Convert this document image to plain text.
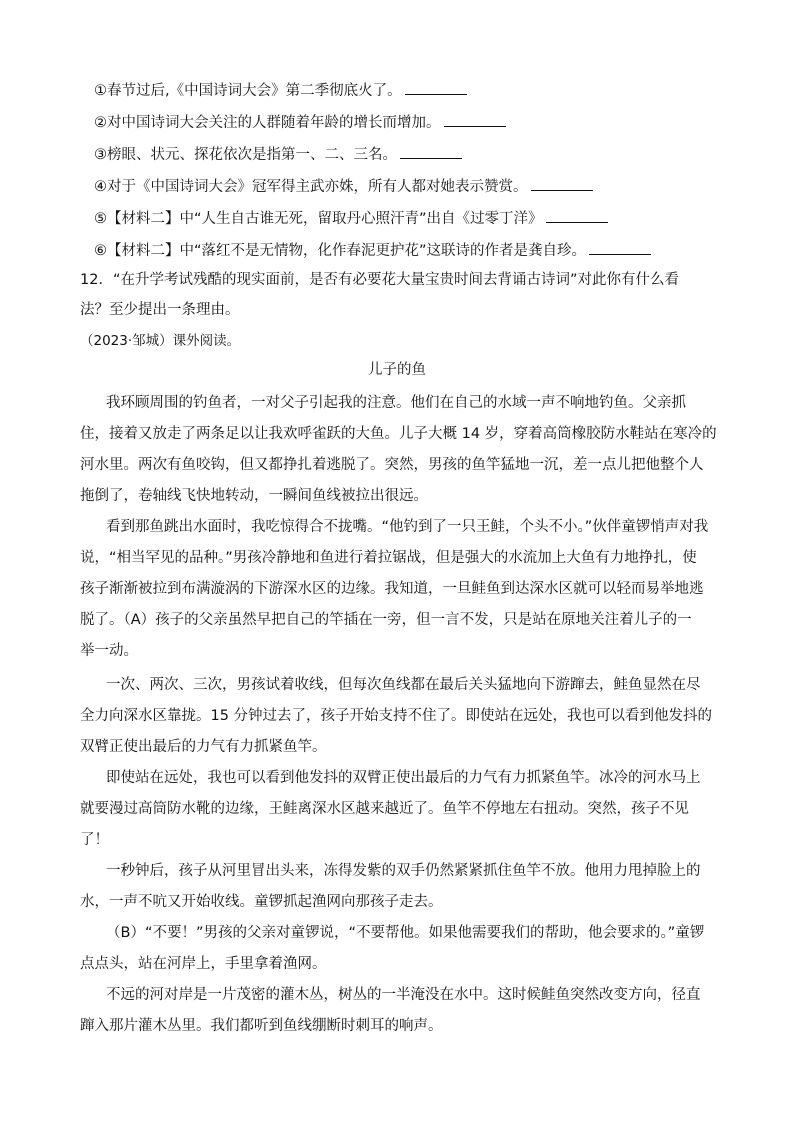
①春节过后,《中国诗词大会》第二季彻底火了。
②对中国诗词大会关注的人群随着年龄的增长而增加。
③榜眼、状元、探花依次是指第一、二、三名。
④对于《中国诗词大会》冠军得主武亦姝，所有人都对她表示赞赏。
⑤【材料二】中“人生自古谁无死，留取丹心照汗青”出自《过零丁洋》
⑥【材料二】中“落红不是无情物，化作春泥更护花”这联诗的作者是龚自珍。
12．“在升学考试残酷的现实面前，是否有必要花大量宝贵时间去背诵古诗词”对此你有什么看
法？至少提出一条理由。
（2023·邹城）课外阅读。
儿子的鱼
我环顾周围的钓鱼者，一对父子引起我的注意。他们在自己的水域一声不响地钓鱼。父亲抓
住，接着又放走了两条足以让我欢呼雀跃的大鱼。儿子大概 14 岁，穿着高筒橡胶防水鞋站在寒冷的
河水里。两次有鱼咬钩，但又都挣扎着逃脱了。突然，男孩的鱼竿猛地一沉，差一点儿把他整个人
拖倒了，卷轴线飞快地转动，一瞬间鱼线被拉出很远。
看到那鱼跳出水面时，我吃惊得合不拢嘴。“他钓到了一只王鲑，个头不小。”伙伴童锣悄声对我
说，“相当罕见的品种。”男孩冷静地和鱼进行着拉锯战，但是强大的水流加上大鱼有力地挣扎，使
孩子渐渐被拉到布满漩涡的下游深水区的边缘。我知道，一旦鲑鱼到达深水区就可以轻而易举地逃
脱了。（A）孩子的父亲虽然早把自己的竿插在一旁，但一言不发，只是站在原地关注着儿子的一
举一动。
一次、两次、三次，男孩试着收线，但每次鱼线都在最后关头猛地向下游蹿去，鲑鱼显然在尽
全力向深水区靠拢。15 分钟过去了，孩子开始支持不住了。即使站在远处，我也可以看到他发抖的
双臂正使出最后的力气有力抓紧鱼竿。
即使站在远处，我也可以看到他发抖的双臂正使出最后的力气有力抓紧鱼竿。冰冷的河水马上
就要漫过高筒防水靴的边缘，王鲑离深水区越来越近了。鱼竿不停地左右扭动。突然，孩子不见
了！
一秒钟后，孩子从河里冒出头来，冻得发紫的双手仍然紧紧抓住鱼竿不放。他用力甩掉脸上的
水，一声不吭又开始收线。童锣抓起渔网向那孩子走去。
（B）“不要！”男孩的父亲对童锣说，“不要帮他。如果他需要我们的帮助，他会要求的。”童锣
点点头，站在河岸上，手里拿着渔网。
不远的河对岸是一片茂密的灌木丛，树丛的一半淹没在水中。这时候鲑鱼突然改变方向，径直
蹿入那片灌木丛里。我们都听到鱼线绷断时刺耳的响声。
